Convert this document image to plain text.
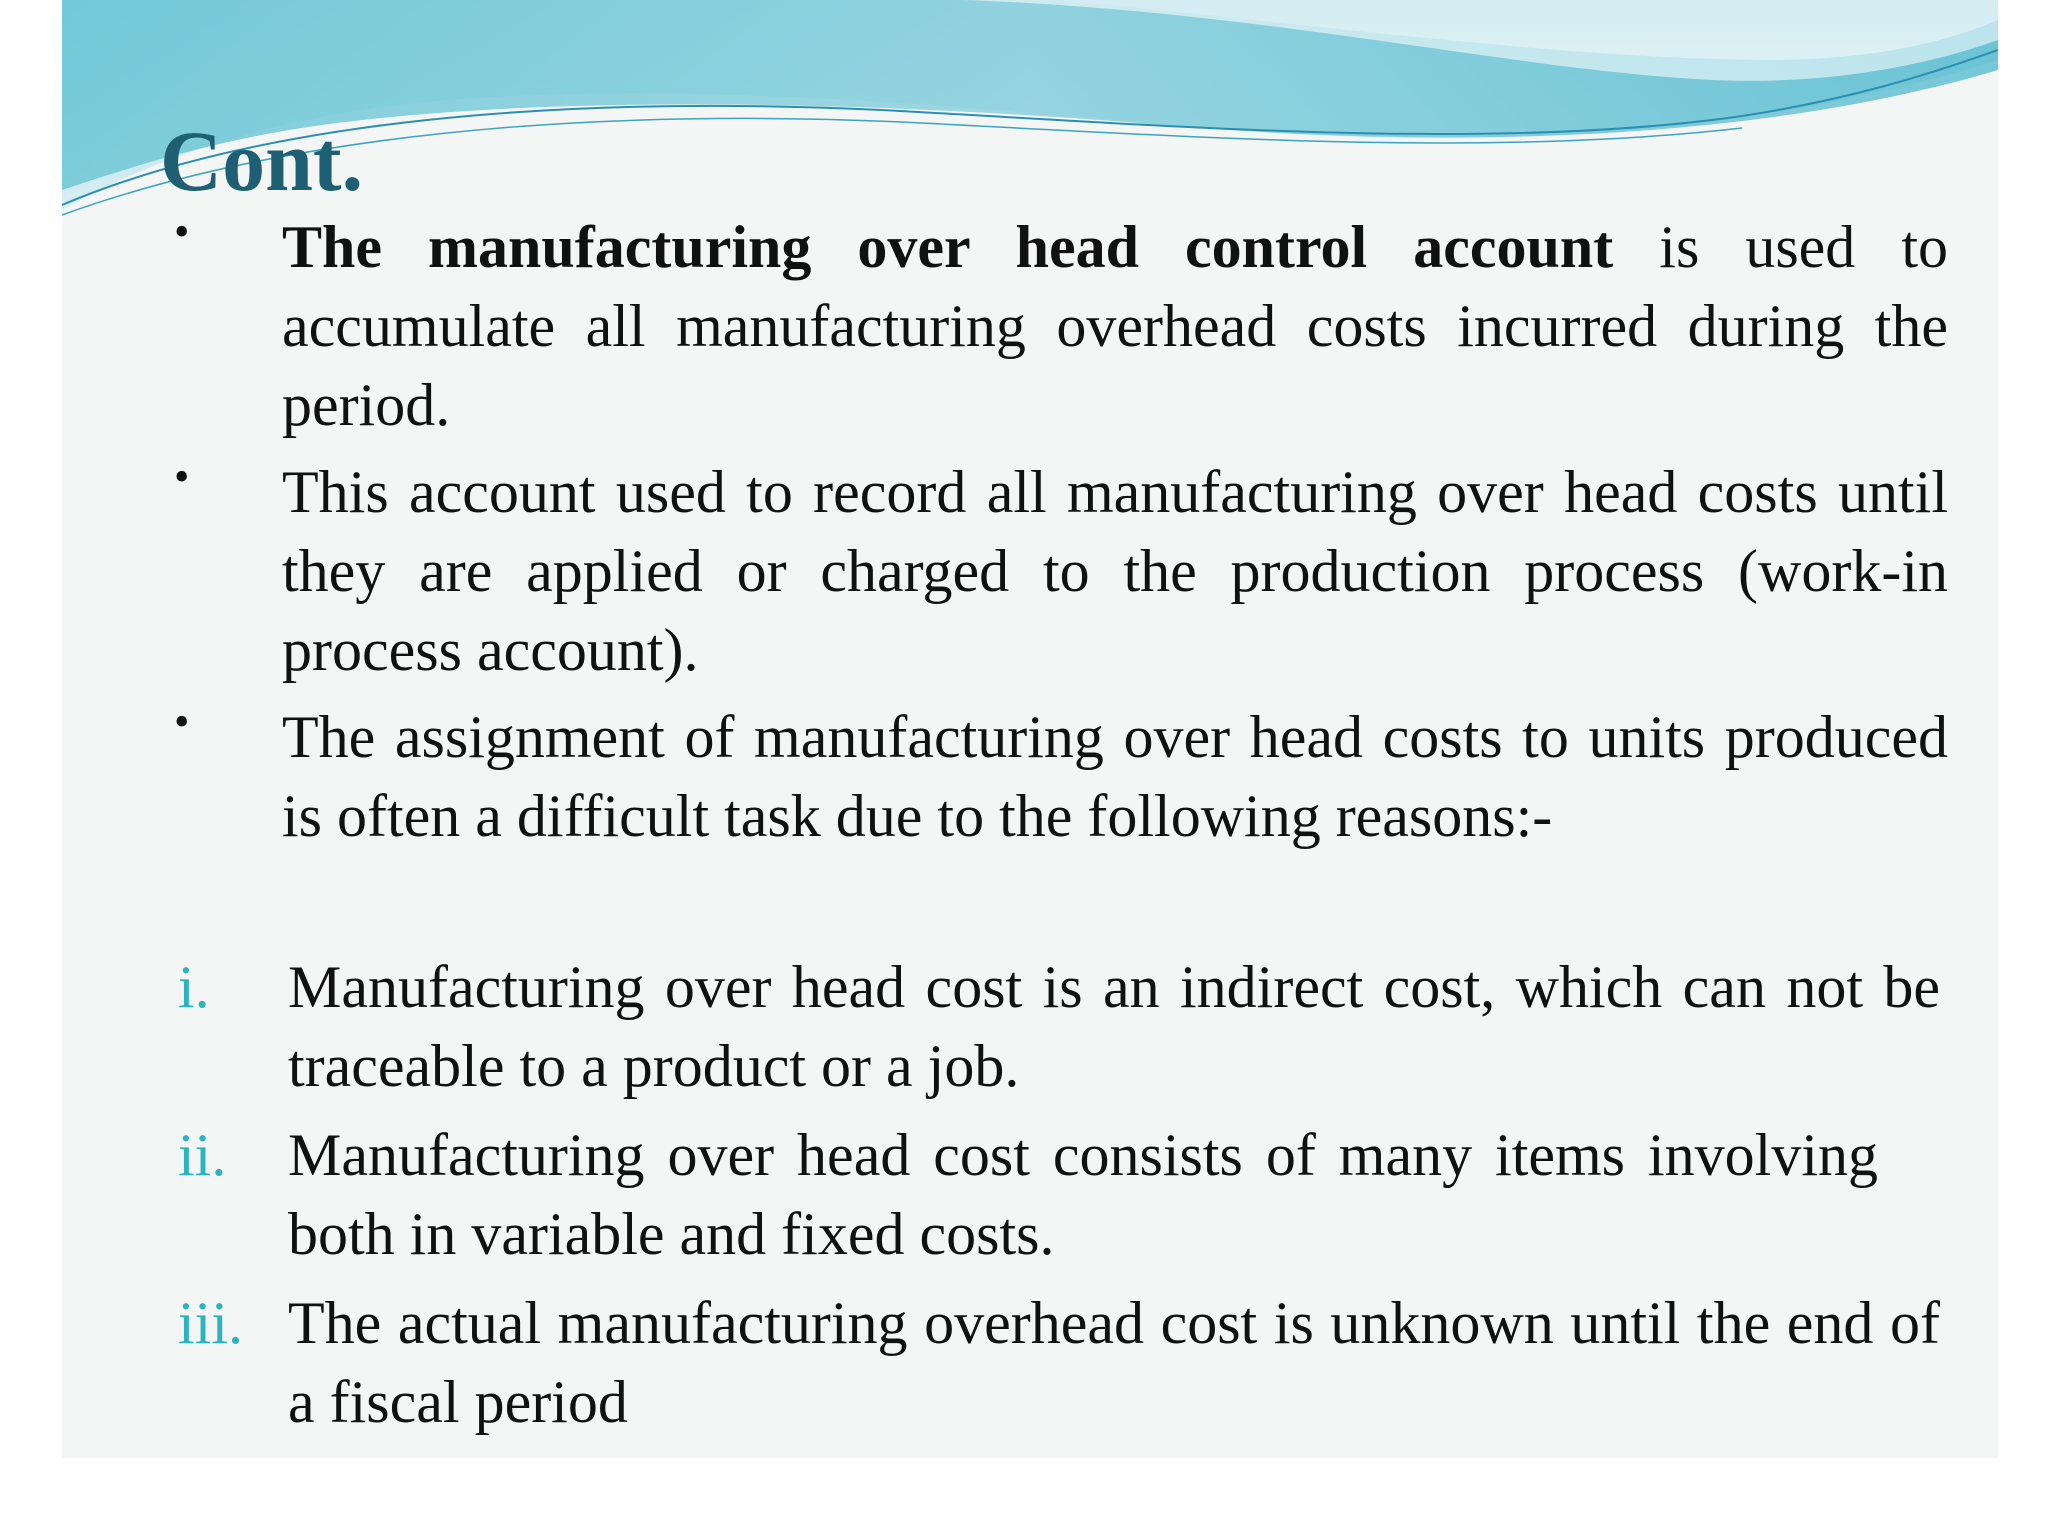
Cont.
• The manufacturing over head control account is used to accumulate all manufacturing overhead costs incurred during the period.
• This account used to record all manufacturing over head costs until they are applied or charged to the production process (work-in process account).
• The assignment of manufacturing over head costs to units produced is often a difficult task due to the following reasons:-
i. Manufacturing over head cost is an indirect cost, which can not be traceable to a product or a job.
ii. Manufacturing over head cost consists of many items involving both in variable and fixed costs.
iii. The actual manufacturing overhead cost is unknown until the end of a fiscal period
